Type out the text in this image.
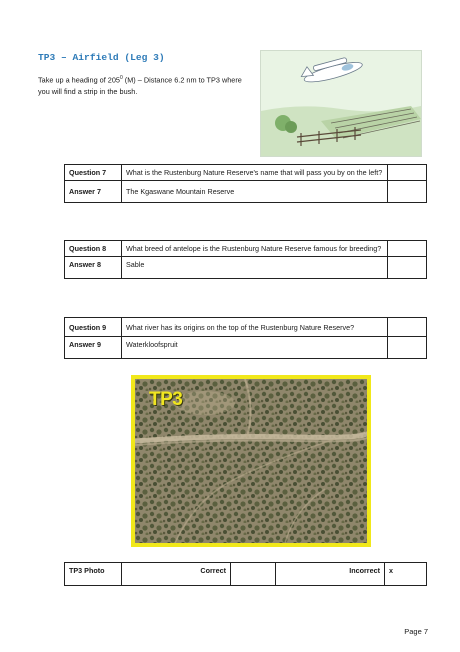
TP3 – Airfield (Leg 3)
Take up a heading of $205^0$ (M) – Distance 6.2 nm to TP3 where you will find a strip in the bush.
Question 7	What is the Rustenburg Nature Reserve's name that will pass you by on the left?	
Answer 7	The Kgaswane Mountain Reserve	
Question 8	What breed of antelope is the Rustenburg Nature Reserve famous for breeding?	
Answer 8	Sable	
Question 9	What river has its origins on the top of the Rustenburg Nature Reserve?	
Answer 9	Waterkloofspruit	
TP3
TP3 Photo	Correct		Incorrect	x
Page 7
